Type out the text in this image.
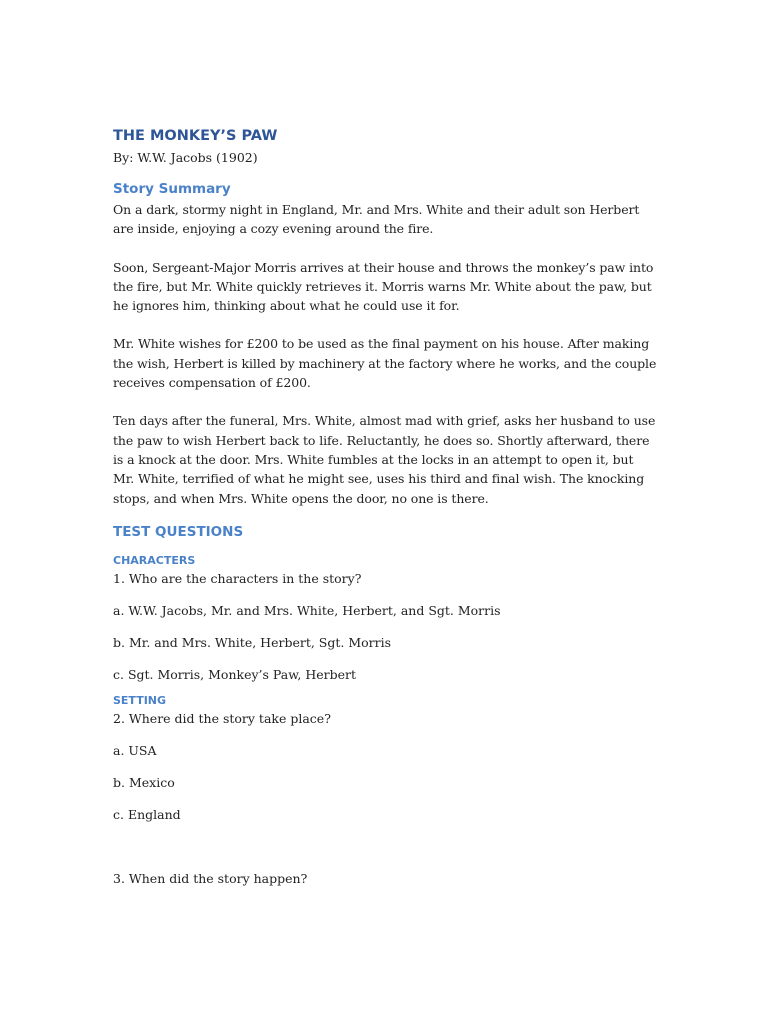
THE MONKEY’S PAW

By: W.W. Jacobs (1902)

Story Summary

On a dark, stormy night in England, Mr. and Mrs. White and their adult son Herbert are inside, enjoying a cozy evening around the fire.

Soon, Sergeant-Major Morris arrives at their house and throws the monkey’s paw into the fire, but Mr. White quickly retrieves it. Morris warns Mr. White about the paw, but he ignores him, thinking about what he could use it for.

Mr. White wishes for £200 to be used as the final payment on his house. After making the wish, Herbert is killed by machinery at the factory where he works, and the couple receives compensation of £200.

Ten days after the funeral, Mrs. White, almost mad with grief, asks her husband to use the paw to wish Herbert back to life. Reluctantly, he does so. Shortly afterward, there is a knock at the door. Mrs. White fumbles at the locks in an attempt to open it, but Mr. White, terrified of what he might see, uses his third and final wish. The knocking stops, and when Mrs. White opens the door, no one is there.

TEST QUESTIONS
CHARACTERS

1. Who are the characters in the story?

a. W.W. Jacobs, Mr. and Mrs. White, Herbert, and Sgt. Morris

b. Mr. and Mrs. White, Herbert, Sgt. Morris

c. Sgt. Morris, Monkey’s Paw, Herbert

SETTING

2. Where did the story take place?

a. USA

b. Mexico

c. England

3. When did the story happen?
